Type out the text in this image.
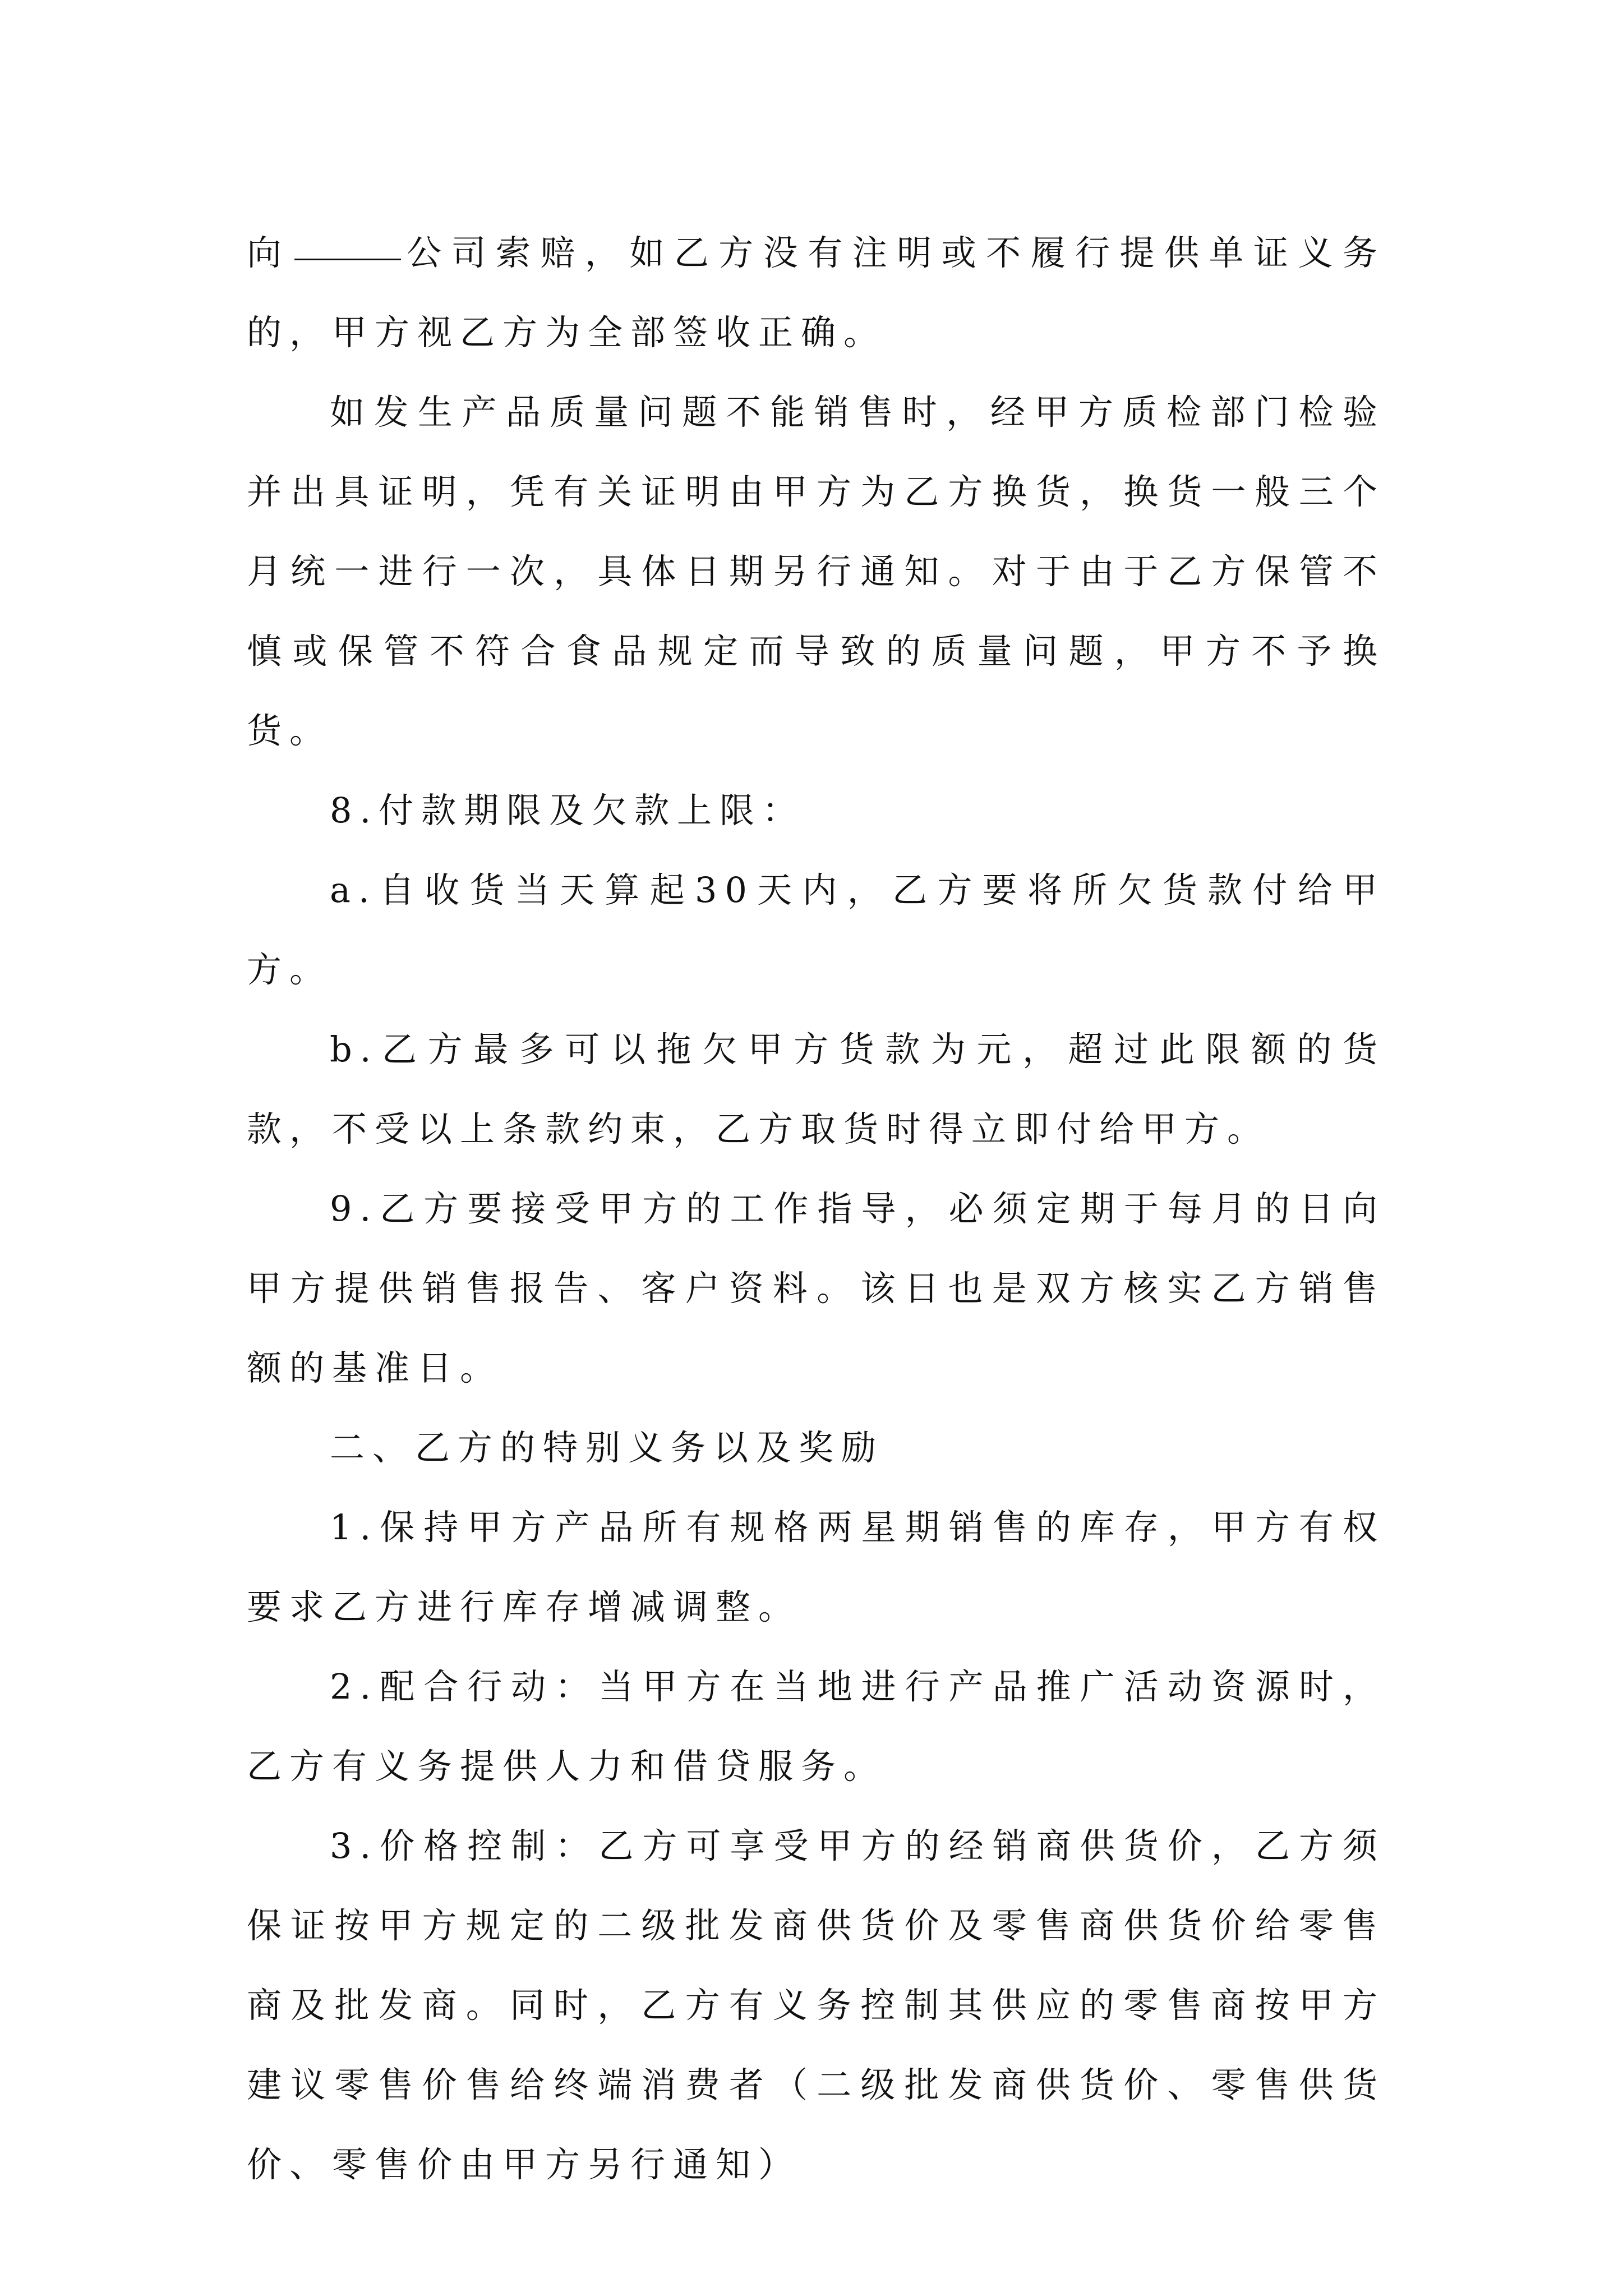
向	公司索赔，如乙方没有注明或不履行提供单证义务的，甲方视乙方为全部签收正确。

如发生产品质量问题不能销售时，经甲方质检部门检验并出具证明，凭有关证明由甲方为乙方换货，换货一般三个月统一进行一次，具体日期另行通知。对于由于乙方保管不慎或保管不符合食品规定而导致的质量问题，甲方不予换货。

8.付款期限及欠款上限：

a.自收货当天算起30天内，乙方要将所欠货款付给甲方。

b.乙方最多可以拖欠甲方货款为元，超过此限额的货款，不受以上条款约束，乙方取货时得立即付给甲方。

9.乙方要接受甲方的工作指导，必须定期于每月的日向甲方提供销售报告、客户资料。该日也是双方核实乙方销售额的基准日。

二、乙方的特别义务以及奖励

1.保持甲方产品所有规格两星期销售的库存，甲方有权要求乙方进行库存增减调整。

2.配合行动：当甲方在当地进行产品推广活动资源时，乙方有义务提供人力和借贷服务。

3.价格控制：乙方可享受甲方的经销商供货价，乙方须保证按甲方规定的二级批发商供货价及零售商供货价给零售商及批发商。同时，乙方有义务控制其供应的零售商按甲方建议零售价售给终端消费者（二级批发商供货价、零售供货价、零售价由甲方另行通知）
